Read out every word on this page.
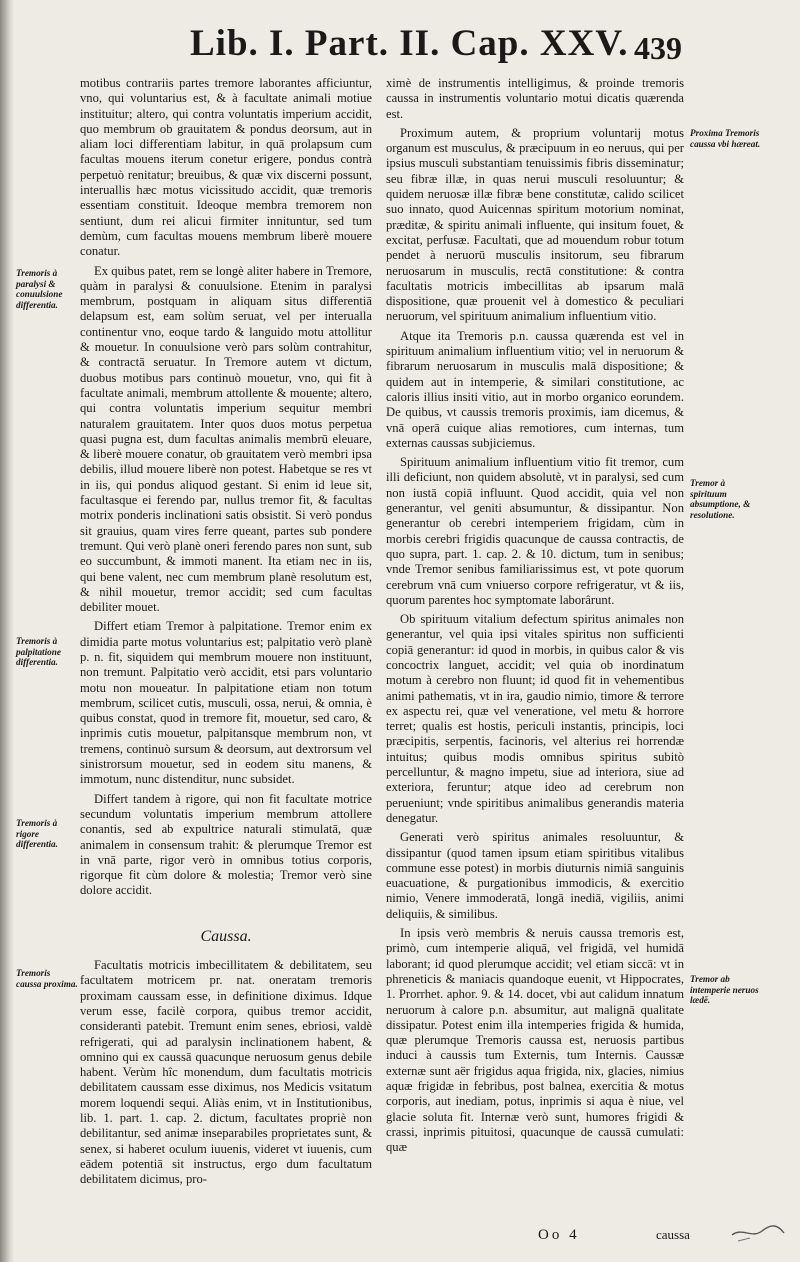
Lib. I. Part. II. Cap. XXV. 439

motibus contrariis partes tremore laborantes afficiuntur, vno, qui voluntarius est, & à facultate animali motiue instituitur; altero, qui contra voluntatis imperium accidit, quo membrum ob grauitatem & pondus deorsum, aut in aliam loci differentiam labitur, in quā prolapsum cum facultas mouens iterum conetur erigere, pondus contrà perpetuò renitatur; breuibus, & quæ vix discerni possunt, interuallis hæc motus vicissitudo accidit, quæ tremoris essentiam constituit. Ideoque membra tremorem non sentiunt, dum rei alicui firmiter innituntur, sed tum demùm, cum facultas mouens membrum liberè mouere conatur.

Ex quibus patet, rem se longè aliter habere in Tremore, quàm in paralysi & conuulsione. Etenim in paralysi membrum, postquam in aliquam situs differentiā delapsum est, eam solùm seruat, vel per interualla continentur vno, eoque tardo & languido motu attollitur & mouetur. In conuulsione verò pars solùm contrahitur, & contractā seruatur. In Tremore autem vt dictum, duobus motibus pars continuò mouetur, vno, qui fit à facultate animali, membrum attollente & mouente; altero, qui contra voluntatis imperium sequitur membri naturalem grauitatem. Inter quos duos motus perpetua quasi pugna est, dum facultas animalis membrū eleuare, & liberè mouere conatur, ob grauitatem verò membri ipsa debilis, illud mouere liberè non potest. Habetque se res vt in iis, qui pondus aliquod gestant. Si enim id leue sit, facultasque ei ferendo par, nullus tremor fit, & facultas motrix ponderis inclinationi satis obsistit. Si verò pondus sit grauius, quam vires ferre queant, partes sub pondere tremunt. Qui verò planè oneri ferendo pares non sunt, sub eo succumbunt, & immoti manent. Ita etiam nec in iis, qui bene valent, nec cum membrum planè resolutum est, & nihil mouetur, tremor accidit; sed cum facultas debiliter mouet.

Differt etiam Tremor à palpitatione. Tremor enim ex dimidia parte motus voluntarius est; palpitatio verò planè p. n. fit, siquidem qui membrum mouere non instituunt, non tremunt. Palpitatio verò accidit, etsi pars voluntario motu non moueatur. In palpitatione etiam non totum membrum, scilicet cutis, musculi, ossa, nerui, & omnia, è quibus constat, quod in tremore fit, mouetur, sed caro, & inprimis cutis mouetur, palpitansque membrum non, vt tremens, continuò sursum & deorsum, aut dextrorsum vel sinistrorsum mouetur, sed in eodem situ manens, & immotum, nunc distenditur, nunc subsidet.

Differt tandem à rigore, qui non fit facultate motrice secundum voluntatis imperium membrum attollere conantis, sed ab expultrice naturali stimulatā, quæ animalem in consensum trahit: & plerumque Tremor est in vnā parte, rigor verò in omnibus totius corporis, rigorque fit cùm dolore & molestia; Tremor verò sine dolore accidit.

Caussa.

Facultatis motricis imbecillitatem & debilitatem, seu facultatem motricem pr. nat. oneratam tremoris proximam caussam esse, in definitione diximus. Idque verum esse, facilè corpora, quibus tremor accidit, considerantì patebit. Tremunt enim senes, ebriosi, valdè refrigerati, qui ad paralysin inclinationem habent, & omnino qui ex caussā quacunque neruosum genus debile habent. Verùm hîc monendum, dum facultatis motricis debilitatem caussam esse diximus, nos Medicis vsitatum morem loquendi sequi. Aliàs enim, vt in Institutionibus, lib. 1. part. 1. cap. 2. dictum, facultates propriè non debilitantur, sed animæ inseparabiles proprietates sunt, & senex, si haberet oculum iuuenis, videret vt iuuenis, cum eādem potentiā sit instructus, ergo dum facultatum debilitatem dicimus, pro-

ximè de instrumentis intelligimus, & proinde tremoris caussa in instrumentis voluntario motui dicatis quærenda est.

Proximum autem, & proprium voluntarij motus organum est musculus, & præcipuum in eo neruus, qui per ipsius musculi substantiam tenuissimis fibris disseminatur; seu fibræ illæ, in quas nerui musculi resoluuntur; & quidem neruosæ illæ fibræ bene constitutæ, calido scilicet suo innato, quod Auicennas spiritum motorium nominat, præditæ, & spiritu animali influente, qui insitum fouet, & excitat, perfusæ. Facultati, que ad mouendum robur totum pendet à neruorū musculis insitorum, seu fibrarum neruosarum in musculis, rectā constitutione: & contra facultatis motricis imbecillitas ab ipsarum malā dispositione, quæ prouenit vel à domestico & peculiari neruorum, vel spirituum animalium influentium vitio.

Atque ita Tremoris p.n. caussa quærenda est vel in spirituum animalium influentium vitio; vel in neruorum & fibrarum neruosarum in musculis malā dispositione; & quidem aut in intemperie, & similari constitutione, ac caloris illius insiti vitio, aut in morbo organico eorundem. De quibus, vt caussis tremoris proximis, iam dicemus, & vnā operā cuique alias remotiores, cum internas, tum externas caussas subjiciemus.

Spirituum animalium influentium vitio fit tremor, cum illi deficiunt, non quidem absolutè, vt in paralysi, sed cum non iustā copiā influunt. Quod accidit, quia vel non generantur, vel geniti absumuntur, & dissipantur. Non generantur ob cerebri intemperiem frigidam, cùm in morbis cerebri frigidis quacunque de caussa contractis, de quo supra, part. 1. cap. 2. & 10. dictum, tum in senibus; vnde Tremor senibus familiarissimus est, vt pote quorum cerebrum vnā cum vniuerso corpore refrigeratur, vt & iis, quorum parentes hoc symptomate laborârunt.

Ob spirituum vitalium defectum spiritus animales non generantur, vel quia ipsi vitales spiritus non sufficienti copiā generantur: id quod in morbis, in quibus calor & vis concoctrix languet, accidit; vel quia ob inordinatum motum à cerebro non fluunt; id quod fit in vehementibus animi pathematis, vt in ira, gaudio nimio, timore & terrore ex aspectu rei, quæ vel veneratione, vel metu & horrore terret; qualis est hostis, periculi instantis, principis, loci præcipitis, serpentis, facinoris, vel alterius rei horrendæ intuitus; quibus modis omnibus spiritus subitò percelluntur, & magno impetu, siue ad interiora, siue ad exteriora, feruntur; atque ideo ad cerebrum non perueniunt; vnde spiritibus animalibus generandis materia denegatur.

Generati verò spiritus animales resoluuntur, & dissipantur (quod tamen ipsum etiam spiritibus vitalibus commune esse potest) in morbis diuturnis nimiā sanguinis euacuatione, & purgationibus immodicis, & exercitio nimio, Venere immoderatā, longā inediā, vigiliis, animi deliquiis, & similibus.

In ipsis verò membris & neruis caussa tremoris est, primò, cum intemperie aliquā, vel frigidā, vel humidā laborant; id quod plerumque accidit; vel etiam siccā: vt in phreneticis & maniacis quandoque euenit, vt Hippocrates, 1. Prorrhet. aphor. 9. & 14. docet, vbi aut calidum innatum neruorum à calore p.n. absumitur, aut malignā qualitate dissipatur. Potest enim illa intemperies frigida & humida, quæ plerumque Tremoris caussa est, neruosis partibus induci à caussis tum Externis, tum Internis. Caussæ externæ sunt aër frigidus aqua frigida, nix, glacies, nimius aquæ frigidæ in febribus, post balnea, exercitia & motus corporis, aut inediam, potus, inprimis si aqua è niue, vel glacie soluta fit. Internæ verò sunt, humores frigidi & crassi, inprimis pituitosi, quacunque de caussā cumulati: quæ

Tremoris à paralysi & conuulsione differentia.
Tremoris à palpitatione differentia.
Tremoris à rigore differentia.
Tremoris caussa proxima.
Proxima Tremoris caussa vbi hæreat.
Tremor à spirituum absumptione, & resolutione.
Tremor ab intemperie neruos lædē.
Oo 4	caussa
